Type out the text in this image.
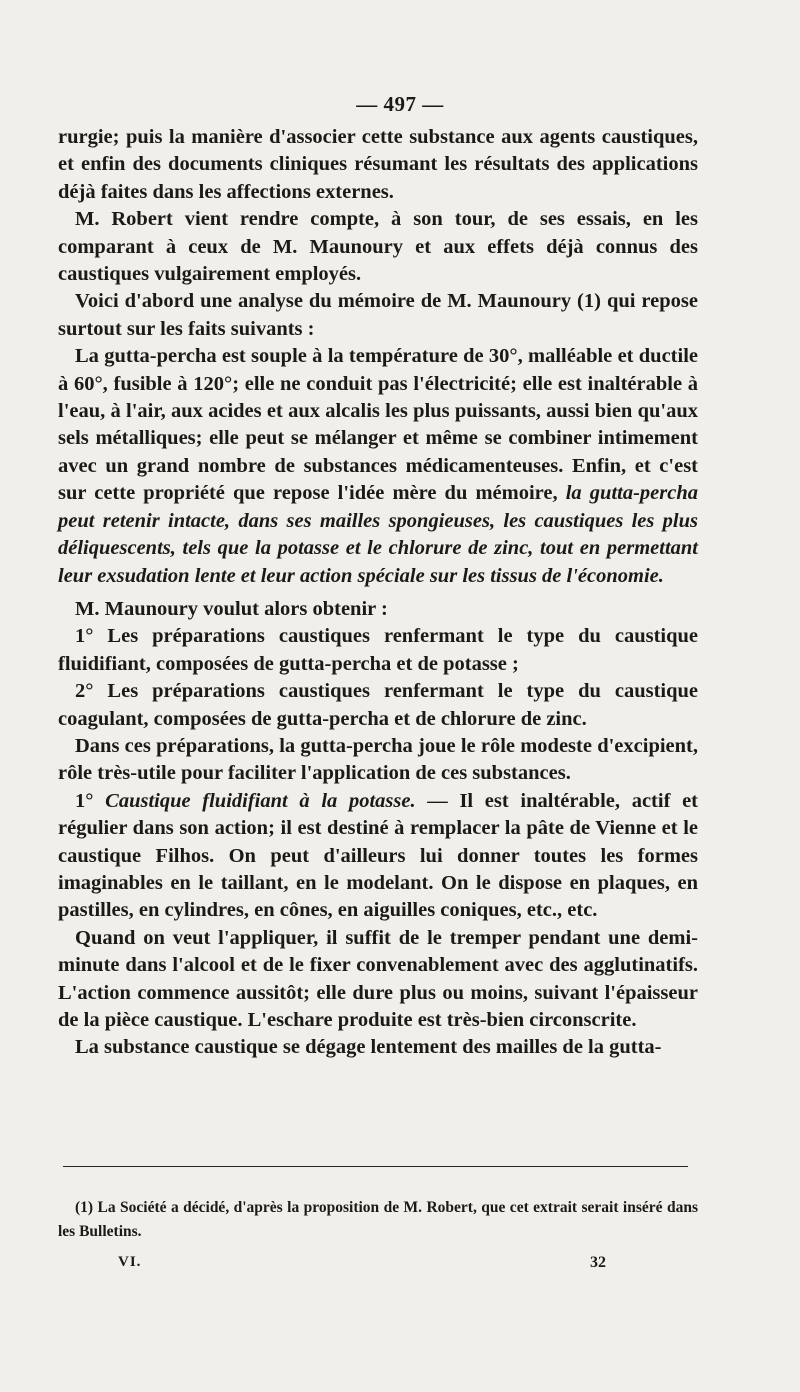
— 497 —

rurgie; puis la manière d'associer cette substance aux agents caustiques, et enfin des documents cliniques résumant les résultats des applications déjà faites dans les affections externes.

M. Robert vient rendre compte, à son tour, de ses essais, en les comparant à ceux de M. Maunoury et aux effets déjà connus des caustiques vulgairement employés.

Voici d'abord une analyse du mémoire de M. Maunoury (1) qui repose surtout sur les faits suivants :

La gutta-percha est souple à la température de 30°, malléable et ductile à 60°, fusible à 120°; elle ne conduit pas l'électricité; elle est inaltérable à l'eau, à l'air, aux acides et aux alcalis les plus puissants, aussi bien qu'aux sels métalliques; elle peut se mélanger et même se combiner intimement avec un grand nombre de substances médicamenteuses. Enfin, et c'est sur cette propriété que repose l'idée mère du mémoire, la gutta-percha peut retenir intacte, dans ses mailles spongieuses, les caustiques les plus déliquescents, tels que la potasse et le chlorure de zinc, tout en permettant leur exsudation lente et leur action spéciale sur les tissus de l'économie.

M. Maunoury voulut alors obtenir :

1° Les préparations caustiques renfermant le type du caustique fluidifiant, composées de gutta-percha et de potasse ;

2° Les préparations caustiques renfermant le type du caustique coagulant, composées de gutta-percha et de chlorure de zinc.

Dans ces préparations, la gutta-percha joue le rôle modeste d'excipient, rôle très-utile pour faciliter l'application de ces substances.

1° Caustique fluidifiant à la potasse. — Il est inaltérable, actif et régulier dans son action; il est destiné à remplacer la pâte de Vienne et le caustique Filhos. On peut d'ailleurs lui donner toutes les formes imaginables en le taillant, en le modelant. On le dispose en plaques, en pastilles, en cylindres, en cônes, en aiguilles coniques, etc., etc.

Quand on veut l'appliquer, il suffit de le tremper pendant une demi-minute dans l'alcool et de le fixer convenablement avec des agglutinatifs. L'action commence aussitôt; elle dure plus ou moins, suivant l'épaisseur de la pièce caustique. L'eschare produite est très-bien circonscrite.

La substance caustique se dégage lentement des mailles de la gutta-

(1) La Société a décidé, d'après la proposition de M. Robert, que cet extrait serait inséré dans les Bulletins.

VI.	32
